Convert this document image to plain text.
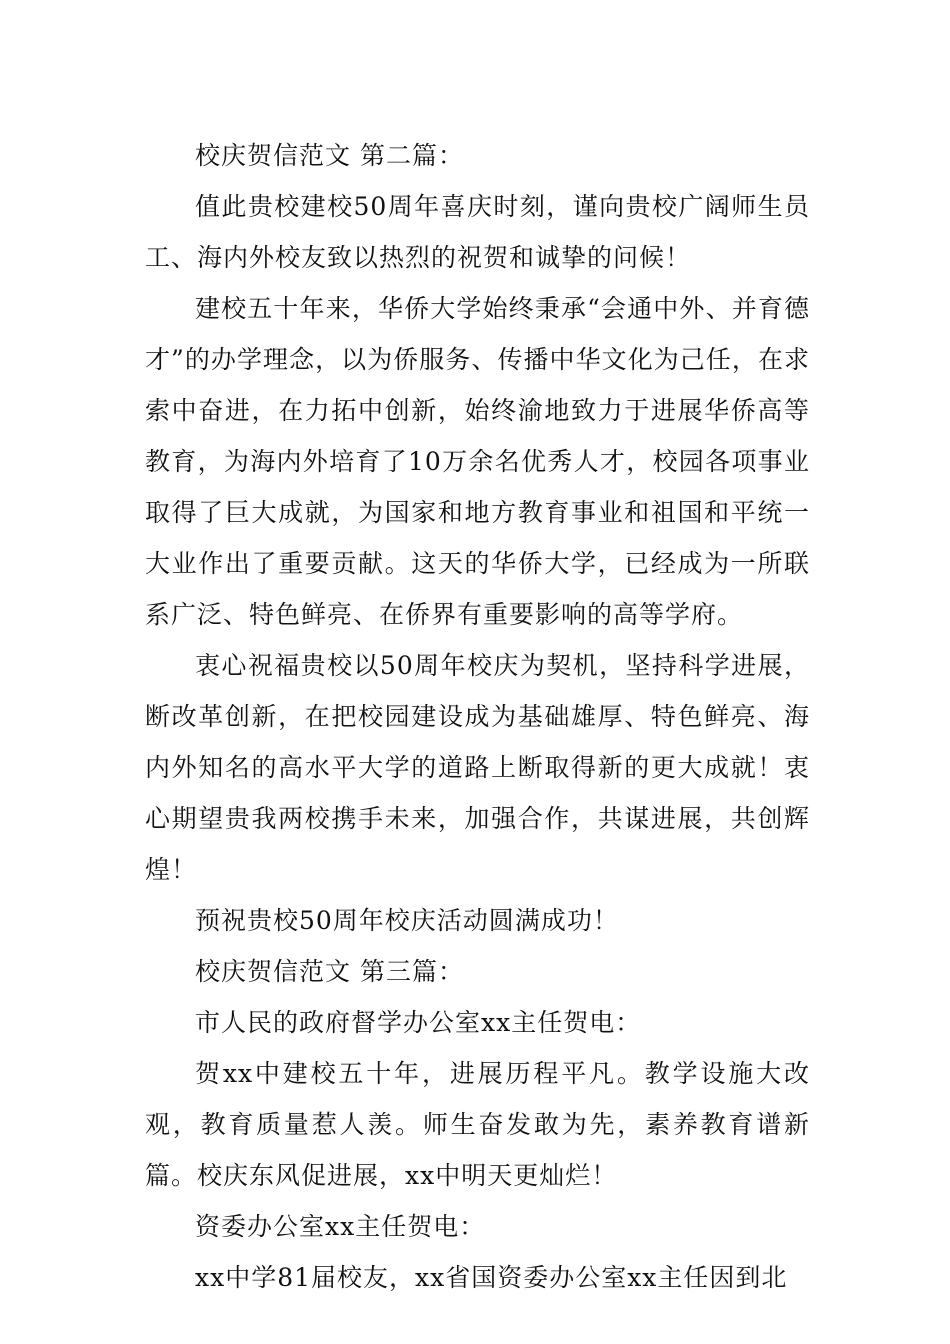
校庆贺信范文 第二篇：

值此贵校建校50周年喜庆时刻，谨向贵校广阔师生员工、海内外校友致以热烈的祝贺和诚挚的问候！

建校五十年来，华侨大学始终秉承“会通中外、并育德才”的办学理念，以为侨服务、传播中华文化为己任，在求索中奋进，在力拓中创新，始终渝地致力于进展华侨高等教育，为海内外培育了10万余名优秀人才，校园各项事业取得了巨大成就，为国家和地方教育事业和祖国和平统一大业作出了重要贡献。这天的华侨大学，已经成为一所联系广泛、特色鲜亮、在侨界有重要影响的高等学府。

衷心祝福贵校以50周年校庆为契机，坚持科学进展，断改革创新，在把校园建设成为基础雄厚、特色鲜亮、海内外知名的高水平大学的道路上断取得新的更大成就！衷心期望贵我两校携手未来，加强合作，共谋进展，共创辉煌！

预祝贵校50周年校庆活动圆满成功！

校庆贺信范文 第三篇：

市人民的政府督学办公室xx主任贺电：

贺xx中建校五十年，进展历程平凡。教学设施大改观，教育质量惹人羡。师生奋发敢为先，素养教育谱新篇。校庆东风促进展，xx中明天更灿烂！

资委办公室xx主任贺电：

xx中学81届校友，xx省国资委办公室xx主任因到北
